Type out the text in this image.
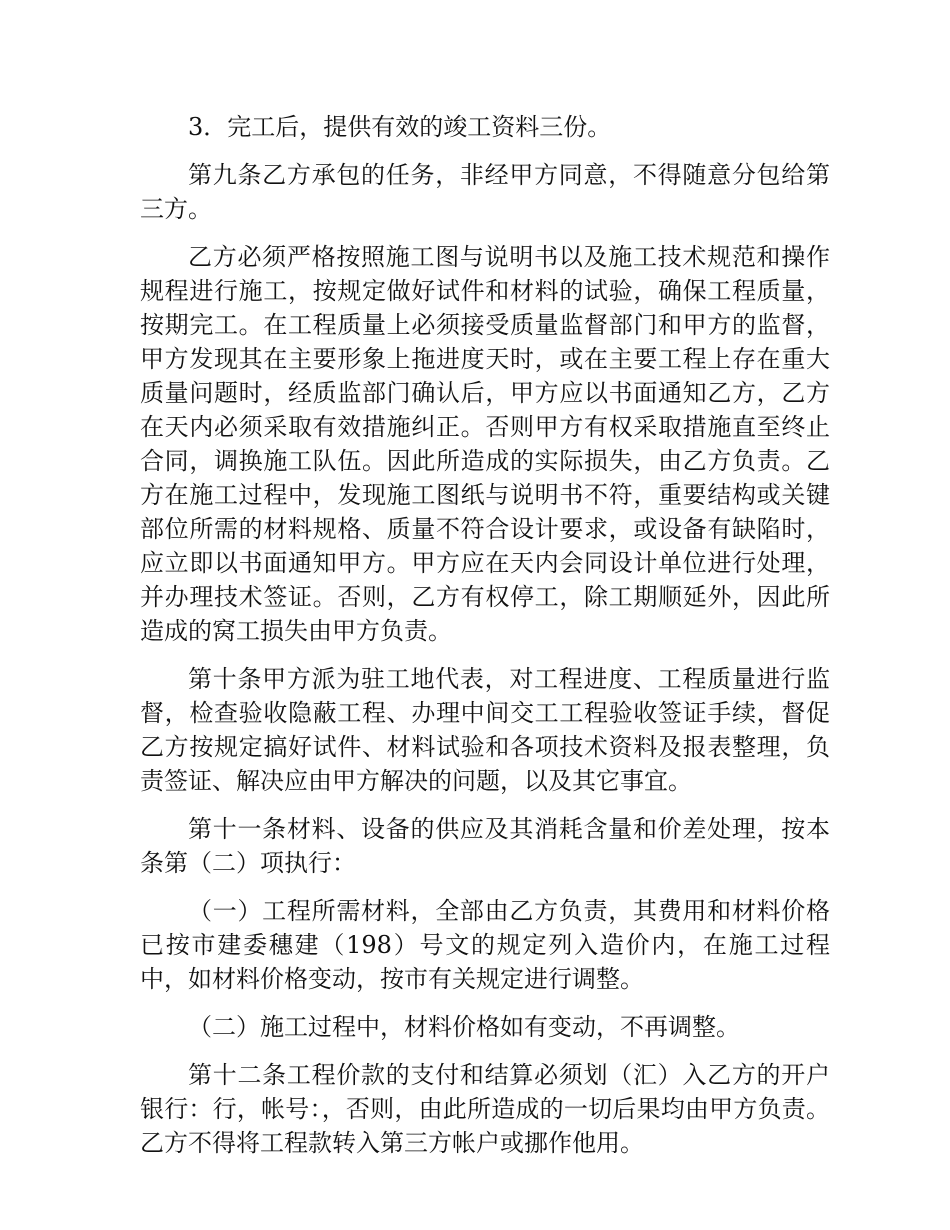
3．完工后，提供有效的竣工资料三份。

第九条乙方承包的任务，非经甲方同意，不得随意分包给第三方。

乙方必须严格按照施工图与说明书以及施工技术规范和操作规程进行施工，按规定做好试件和材料的试验，确保工程质量，按期完工。在工程质量上必须接受质量监督部门和甲方的监督，甲方发现其在主要形象上拖进度天时，或在主要工程上存在重大质量问题时，经质监部门确认后，甲方应以书面通知乙方，乙方在天内必须采取有效措施纠正。否则甲方有权采取措施直至终止合同，调换施工队伍。因此所造成的实际损失，由乙方负责。乙方在施工过程中，发现施工图纸与说明书不符，重要结构或关键部位所需的材料规格、质量不符合设计要求，或设备有缺陷时，应立即以书面通知甲方。甲方应在天内会同设计单位进行处理，并办理技术签证。否则，乙方有权停工，除工期顺延外，因此所造成的窝工损失由甲方负责。

第十条甲方派为驻工地代表，对工程进度、工程质量进行监督，检查验收隐蔽工程、办理中间交工工程验收签证手续，督促乙方按规定搞好试件、材料试验和各项技术资料及报表整理，负责签证、解决应由甲方解决的问题，以及其它事宜。

第十一条材料、设备的供应及其消耗含量和价差处理，按本条第（二）项执行：

（一）工程所需材料，全部由乙方负责，其费用和材料价格已按市建委穗建（198）号文的规定列入造价内，在施工过程中，如材料价格变动，按市有关规定进行调整。

（二）施工过程中，材料价格如有变动，不再调整。

第十二条工程价款的支付和结算必须划（汇）入乙方的开户银行：行，帐号：，否则，由此所造成的一切后果均由甲方负责。乙方不得将工程款转入第三方帐户或挪作他用。
